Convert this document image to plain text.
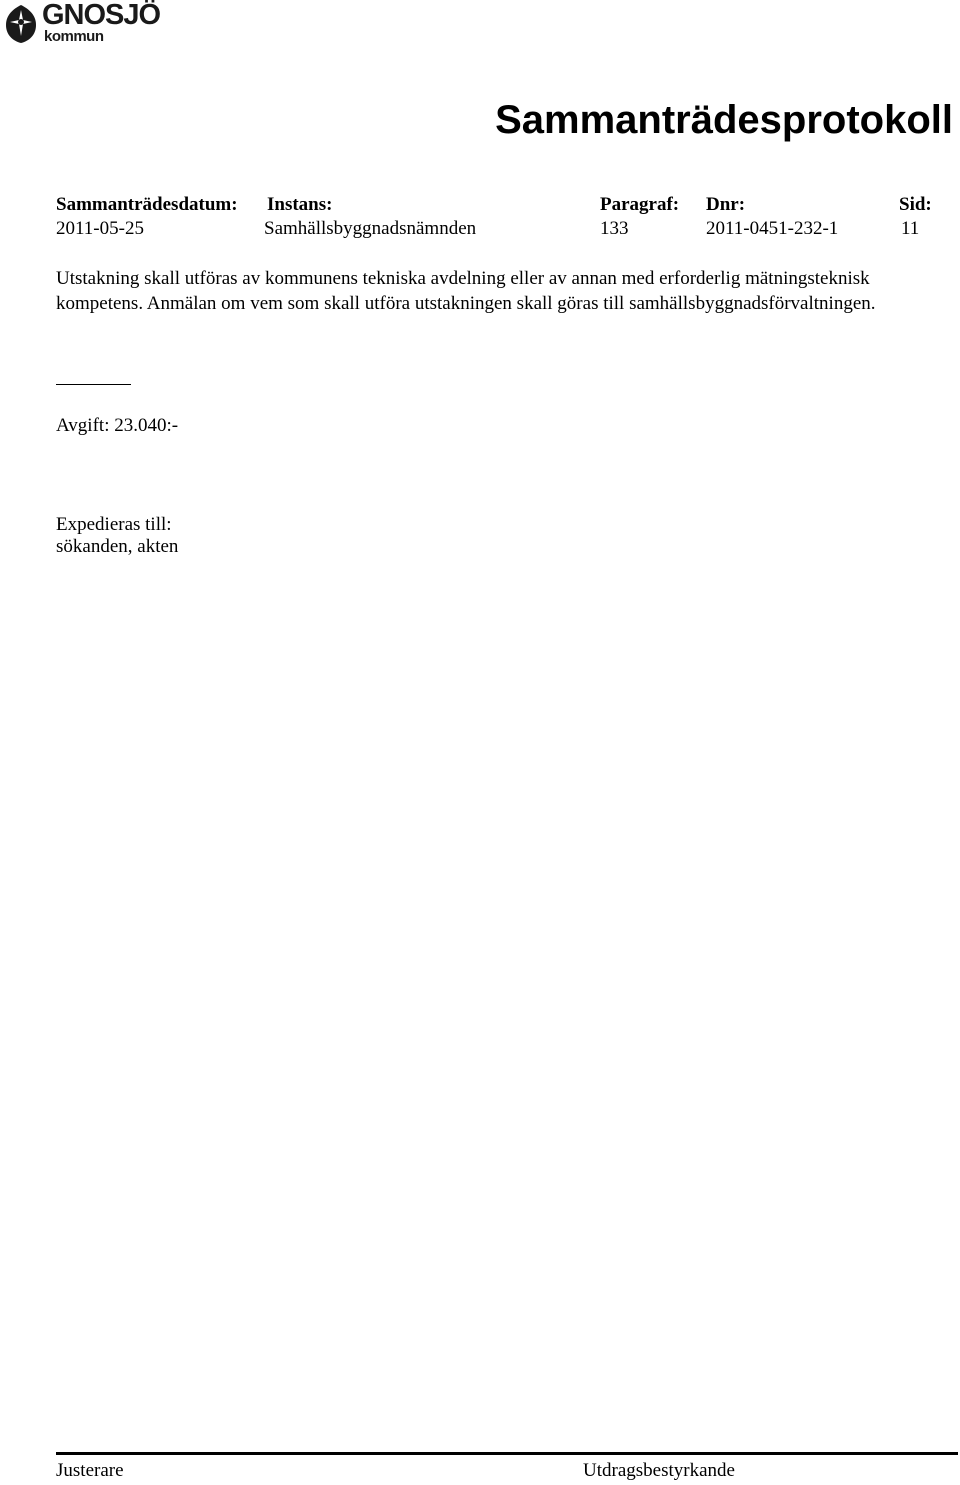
GNOSJÖ
kommun
Sammanträdesprotokoll
Sammanträdesdatum: Instans:	Paragraf: Dnr:	Sid:
2011-05-25	Samhällsbyggnadsnämnden	133	2011-0451-232-1	11

Utstakning skall utföras av kommunens tekniska avdelning eller av annan med erforderlig mätningsteknisk kompetens. Anmälan om vem som skall utföra utstakningen skall göras till samhällsbyggnadsförvaltningen.

Avgift: 23.040:-
Expedieras till:
sökanden, akten
Justerare	Utdragsbestyrkande
